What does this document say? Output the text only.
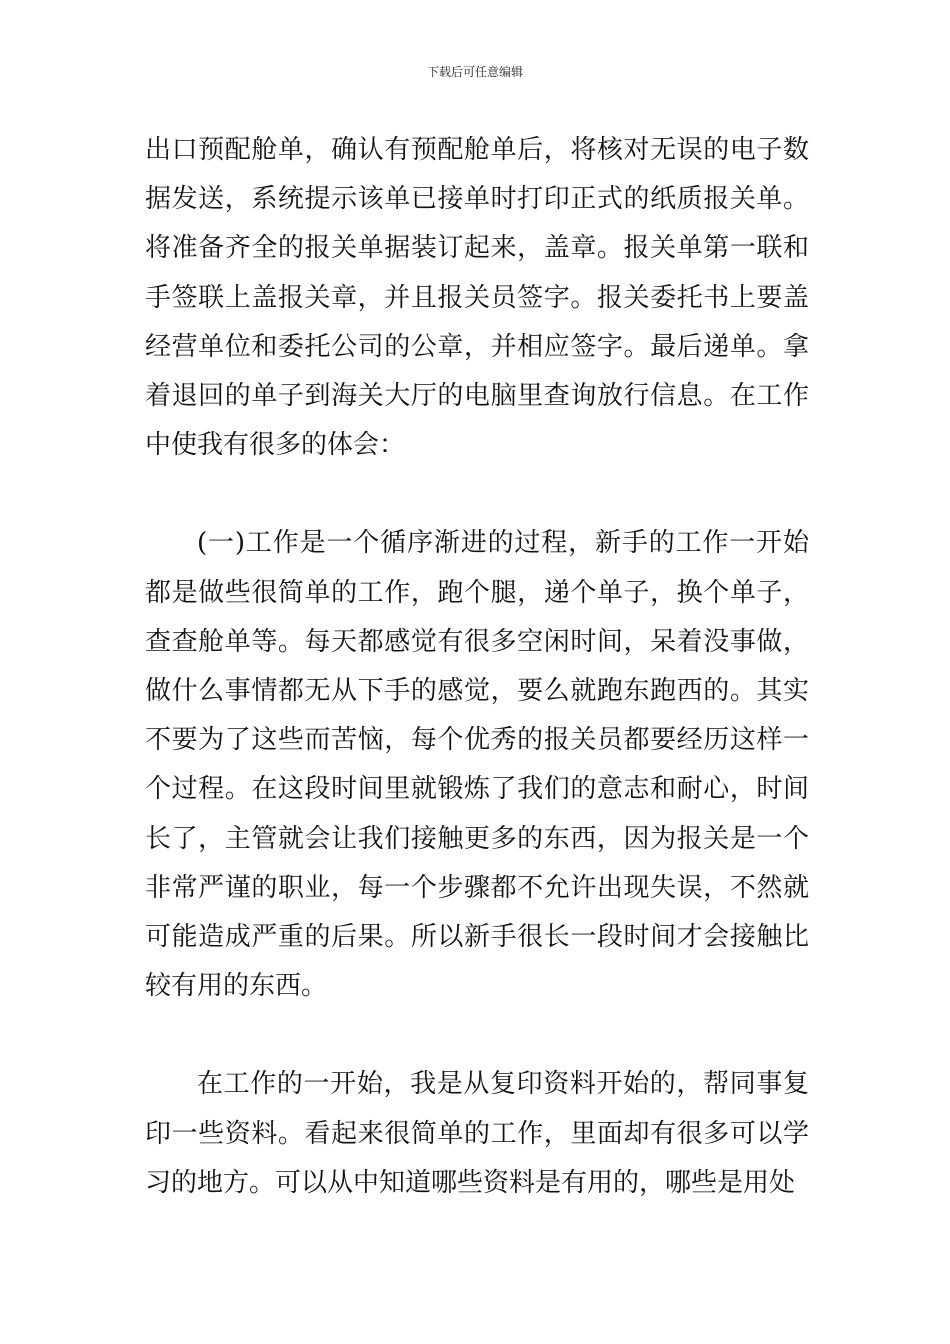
下载后可任意编辑

出口预配舱单，确认有预配舱单后，将核对无误的电子数据发送，系统提示该单已接单时打印正式的纸质报关单。将准备齐全的报关单据装订起来，盖章。报关单第一联和手签联上盖报关章，并且报关员签字。报关委托书上要盖经营单位和委托公司的公章，并相应签字。最后递单。拿着退回的单子到海关大厅的电脑里查询放行信息。在工作中使我有很多的体会：

(一)工作是一个循序渐进的过程，新手的工作一开始都是做些很简单的工作，跑个腿，递个单子，换个单子，查查舱单等。每天都感觉有很多空闲时间，呆着没事做，做什么事情都无从下手的感觉，要么就跑东跑西的。其实不要为了这些而苦恼，每个优秀的报关员都要经历这样一个过程。在这段时间里就锻炼了我们的意志和耐心，时间长了，主管就会让我们接触更多的东西，因为报关是一个非常严谨的职业，每一个步骤都不允许出现失误，不然就可能造成严重的后果。所以新手很长一段时间才会接触比较有用的东西。

在工作的一开始，我是从复印资料开始的，帮同事复印一些资料。看起来很简单的工作，里面却有很多可以学习的地方。可以从中知道哪些资料是有用的，哪些是用处
